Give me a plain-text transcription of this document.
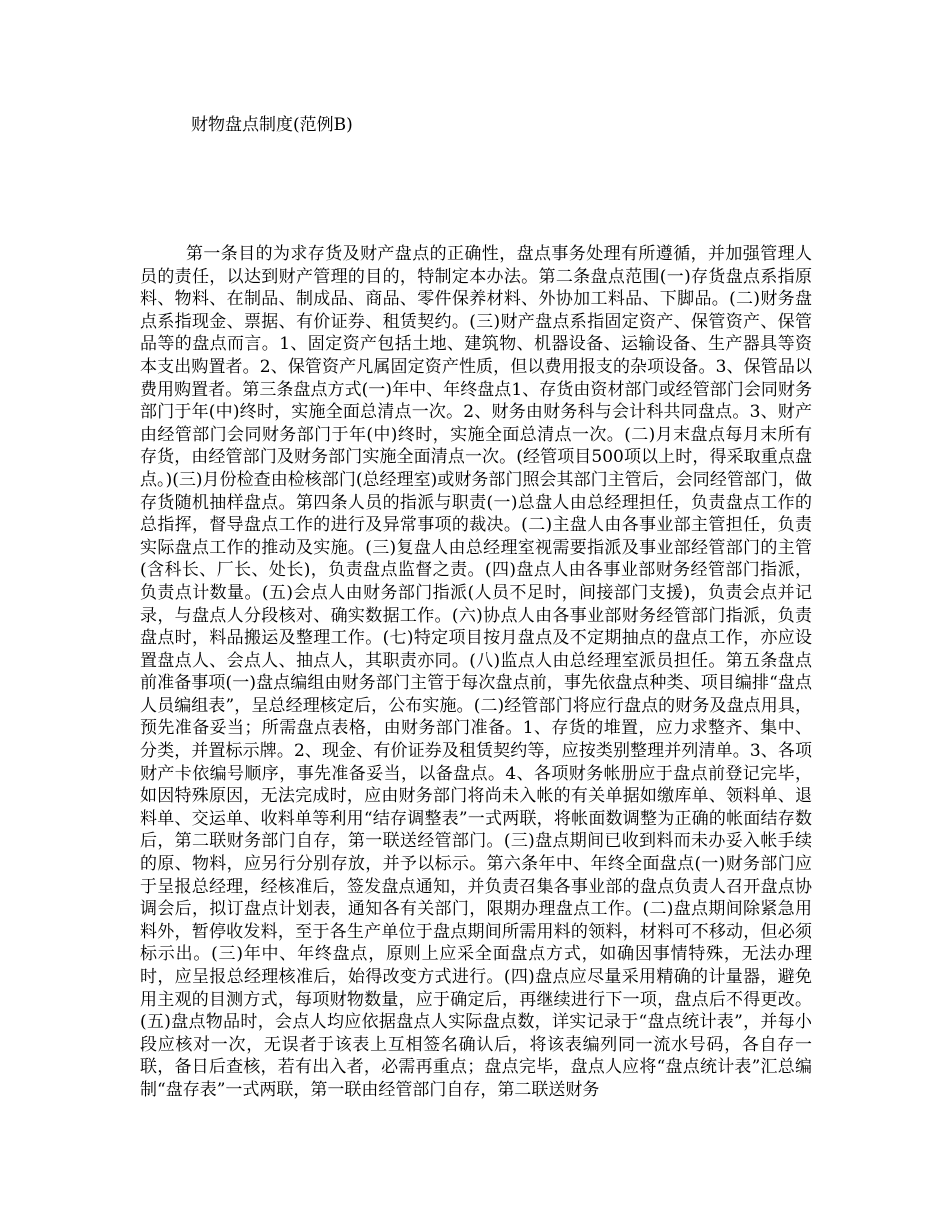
财物盘点制度(范例B)

第一条目的为求存货及财产盘点的正确性，盘点事务处理有所遵循，并加强管理人员的责任，以达到财产管理的目的，特制定本办法。第二条盘点范围(一)存货盘点系指原料、物料、在制品、制成品、商品、零件保养材料、外协加工料品、下脚品。(二)财务盘点系指现金、票据、有价证券、租赁契约。(三)财产盘点系指固定资产、保管资产、保管品等的盘点而言。1、固定资产包括土地、建筑物、机器设备、运输设备、生产器具等资本支出购置者。2、保管资产凡属固定资产性质，但以费用报支的杂项设备。3、保管品以费用购置者。第三条盘点方式(一)年中、年终盘点1、存货由资材部门或经管部门会同财务部门于年(中)终时，实施全面总清点一次。2、财务由财务科与会计科共同盘点。3、财产由经管部门会同财务部门于年(中)终时，实施全面总清点一次。(二)月末盘点每月末所有存货，由经管部门及财务部门实施全面清点一次。(经管项目500项以上时，得采取重点盘点。)(三)月份检查由检核部门(总经理室)或财务部门照会其部门主管后，会同经管部门，做存货随机抽样盘点。第四条人员的指派与职责(一)总盘人由总经理担任，负责盘点工作的总指挥，督导盘点工作的进行及异常事项的裁决。(二)主盘人由各事业部主管担任，负责实际盘点工作的推动及实施。(三)复盘人由总经理室视需要指派及事业部经管部门的主管(含科长、厂长、处长)，负责盘点监督之责。(四)盘点人由各事业部财务经管部门指派，负责点计数量。(五)会点人由财务部门指派(人员不足时，间接部门支援)，负责会点并记录，与盘点人分段核对、确实数据工作。(六)协点人由各事业部财务经管部门指派，负责盘点时，料品搬运及整理工作。(七)特定项目按月盘点及不定期抽点的盘点工作，亦应设置盘点人、会点人、抽点人，其职责亦同。(八)监点人由总经理室派员担任。第五条盘点前准备事项(一)盘点编组由财务部门主管于每次盘点前，事先依盘点种类、项目编排“盘点人员编组表”，呈总经理核定后，公布实施。(二)经管部门将应行盘点的财务及盘点用具，预先准备妥当；所需盘点表格，由财务部门准备。1、存货的堆置，应力求整齐、集中、分类，并置标示牌。2、现金、有价证券及租赁契约等，应按类别整理并列清单。3、各项财产卡依编号顺序，事先准备妥当，以备盘点。4、各项财务帐册应于盘点前登记完毕，如因特殊原因，无法完成时，应由财务部门将尚未入帐的有关单据如缴库单、领料单、退料单、交运单、收料单等利用“结存调整表”一式两联，将帐面数调整为正确的帐面结存数后，第二联财务部门自存，第一联送经管部门。(三)盘点期间已收到料而未办妥入帐手续的原、物料，应另行分别存放，并予以标示。第六条年中、年终全面盘点(一)财务部门应于呈报总经理，经核准后，签发盘点通知，并负责召集各事业部的盘点负责人召开盘点协调会后，拟订盘点计划表，通知各有关部门，限期办理盘点工作。(二)盘点期间除紧急用料外，暂停收发料，至于各生产单位于盘点期间所需用料的领料，材料可不移动，但必须标示出。(三)年中、年终盘点，原则上应采全面盘点方式，如确因事情特殊，无法办理时，应呈报总经理核准后，始得改变方式进行。(四)盘点应尽量采用精确的计量器，避免用主观的目测方式，每项财物数量，应于确定后，再继续进行下一项，盘点后不得更改。(五)盘点物品时，会点人均应依据盘点人实际盘点数，详实记录于“盘点统计表”，并每小段应核对一次，无误者于该表上互相签名确认后，将该表编列同一流水号码，各自存一联，备日后查核，若有出入者，必需再重点；盘点完毕，盘点人应将“盘点统计表”汇总编制“盘存表”一式两联，第一联由经管部门自存，第二联送财务
